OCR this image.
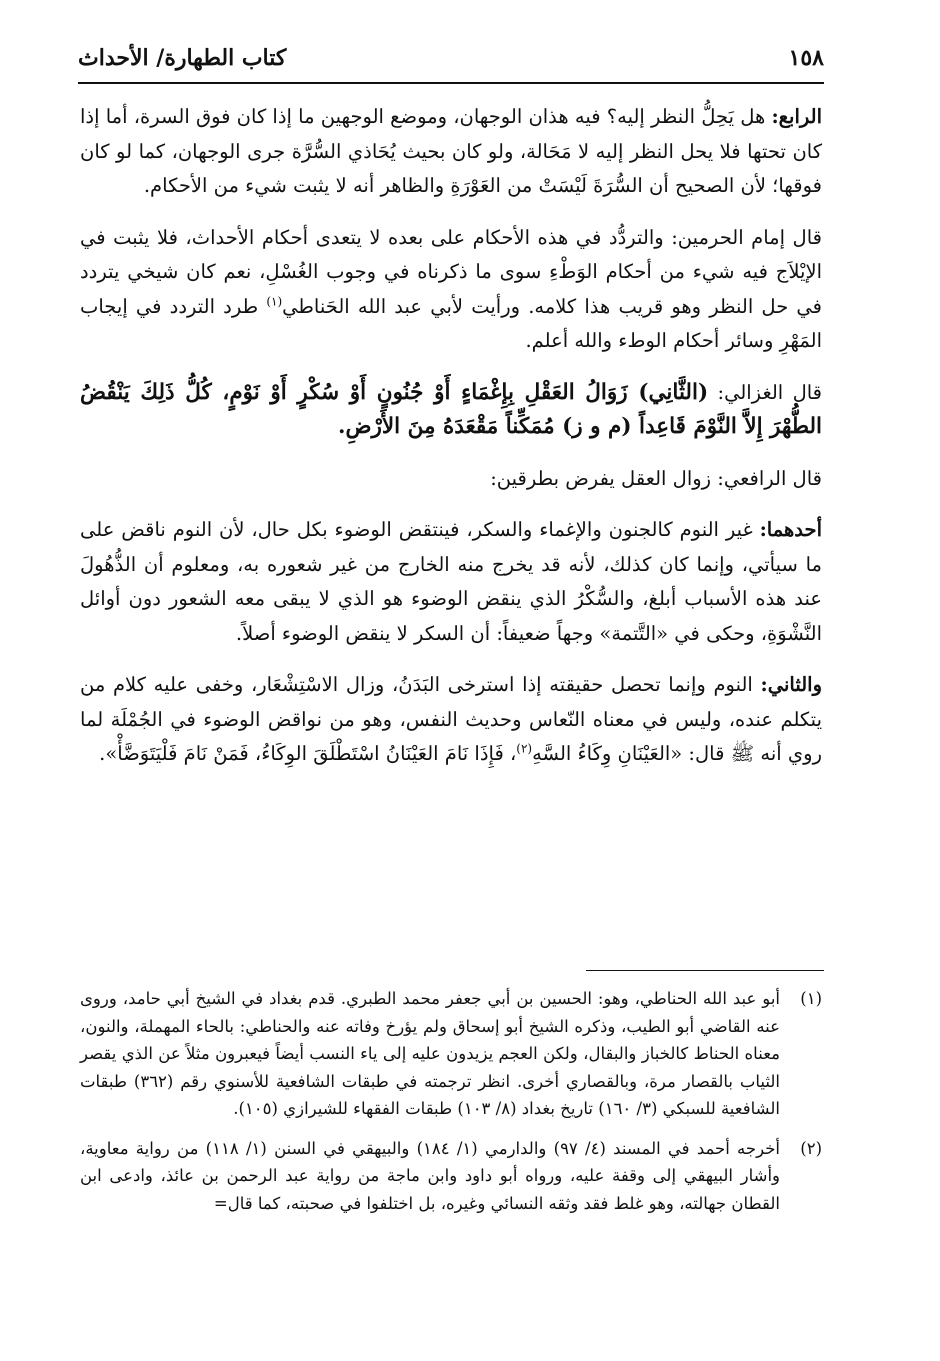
١٥٨
كتاب الطهارة/ الأحداث

الرابع: هل يَحِلُّ النظر إليه؟ فيه هذان الوجهان، وموضع الوجهين ما إذا كان فوق السرة، أما إذا كان تحتها فلا يحل النظر إليه لا مَحَالة، ولو كان بحيث يُحَاذي السُّرَّة جرى الوجهان، كما لو كان فوقها؛ لأن الصحيح أن السُّرَةَ لَيْسَتْ من العَوْرَةِ والظاهر أنه لا يثبت شيء من الأحكام.

قال إمام الحرمين: والتردُّد في هذه الأحكام على بعده لا يتعدى أحكام الأحداث، فلا يثبت في الإيْلاَج فيه شيء من أحكام الوَطْءِ سوى ما ذكرناه في وجوب الغُسْلِ، نعم كان شيخي يتردد في حل النظر وهو قريب هذا كلامه. ورأيت لأبي عبد الله الحَناطي$^{(١)}$ طرد التردد في إيجاب المَهْرِ وسائر أحكام الوطء والله أعلم.

قال الغزالي: (الثَّانِي) زَوَالُ العَقْلِ بِإِغْمَاءٍ أَوْ جُنُونٍ أَوْ سُكْرٍ أَوْ نَوْمٍ، كُلُّ ذَلِكَ يَنْقُضُ الطُّهْرَ إِلاَّ النَّوْمَ قَاعِداً (م و ز) مُمَكِّناً مَقْعَدَهُ مِنَ الأَرْضِ.

قال الرافعي: زوال العقل يفرض بطرقين:

أحدهما: غير النوم كالجنون والإغماء والسكر، فينتقض الوضوء بكل حال، لأن النوم ناقض على ما سيأتي، وإنما كان كذلك، لأنه قد يخرج منه الخارج من غير شعوره به، ومعلوم أن الذُّهُولَ عند هذه الأسباب أبلغ، والسُّكْرُ الذي ينقض الوضوء هو الذي لا يبقى معه الشعور دون أوائل النَّشْوَةِ، وحكى في «التَّتمة» وجهاً ضعيفاً: أن السكر لا ينقض الوضوء أصلاً.

والثاني: النوم وإنما تحصل حقيقته إذا استرخى البَدَنُ، وزال الاسْتِشْعَار، وخفى عليه كلام من يتكلم عنده، وليس في معناه النّعاس وحديث النفس، وهو من نواقض الوضوء في الجُمْلَة لما روي أنه ﷺ قال: «العَيْنَانِ وِكَاءُ السَّهِ$^{(٢)}$، فَإِذَا نَامَ العَيْنَانُ اسْتَطْلَقَ الوِكَاءُ، فَمَنْ نَامَ فَلْيَتَوَضَّأْ».

(١)
أبو عبد الله الحناطي، وهو: الحسين بن أبي جعفر محمد الطبري. قدم بغداد في الشيخ أبي حامد، وروى عنه القاضي أبو الطيب، وذكره الشيخ أبو إسحاق ولم يؤرخ وفاته عنه والحناطي: بالحاء المهملة، والنون، معناه الحناط كالخباز والبقال، ولكن العجم يزيدون عليه إلى ياء النسب أيضاً فيعبرون مثلاً عن الذي يقصر الثياب بالقصار مرة، وبالقصاري أخرى. انظر ترجمته في طبقات الشافعية للأسنوي رقم (٣٦٢) طبقات الشافعية للسبكي (٣/ ١٦٠) تاريخ بغداد (٨/ ١٠٣) طبقات الفقهاء للشيرازي (١٠٥).
(٢)
أخرجه أحمد في المسند (٤/ ٩٧) والدارمي (١/ ١٨٤) والبيهقي في السنن (١/ ١١٨) من رواية معاوية، وأشار البيهقي إلى وقفة عليه، ورواه أبو داود وابن ماجة من رواية عبد الرحمن بن عائذ، وادعى ابن القطان جهالته، وهو غلط فقد وثقه النسائي وغيره، بل اختلفوا في صحبته، كما قال=
